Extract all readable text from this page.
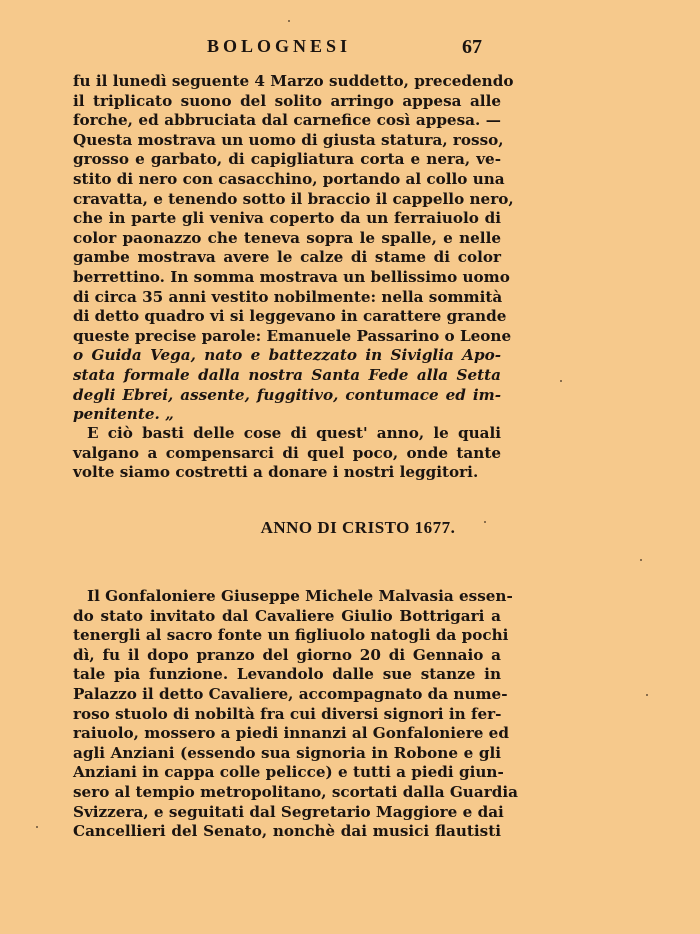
BOLOGNESI	67
fu il lunedì seguente 4 Marzo suddetto, precedendo
il triplicato suono del solito arringo appesa alle
forche, ed abbruciata dal carnefice così appesa. —
Questa mostrava un uomo di giusta statura, rosso,
grosso e garbato, di capigliatura corta e nera, ve-
stito di nero con casacchino, portando al collo una
cravatta, e tenendo sotto il braccio il cappello nero,
che in parte gli veniva coperto da un ferraiuolo di
color paonazzo che teneva sopra le spalle, e nelle
gambe mostrava avere le calze di stame di color
berrettino. In somma mostrava un bellissimo uomo
di circa 35 anni vestito nobilmente: nella sommità
di detto quadro vi si leggevano in carattere grande
queste precise parole: Emanuele Passarino o Leone
o Guida Vega, nato e battezzato in Siviglia Apo-
stata formale dalla nostra Santa Fede alla Setta
degli Ebrei, assente, fuggitivo, contumace ed im-
penitente. „
E ciò basti delle cose di quest' anno, le quali
valgano a compensarci di quel poco, onde tante
volte siamo costretti a donare i nostri leggitori.
ANNO DI CRISTO 1677.
Il Gonfaloniere Giuseppe Michele Malvasia essen-
do stato invitato dal Cavaliere Giulio Bottrigari a
tenergli al sacro fonte un figliuolo natogli da pochi
dì, fu il dopo pranzo del giorno 20 di Gennaio a
tale pia funzione. Levandolo dalle sue stanze in
Palazzo il detto Cavaliere, accompagnato da nume-
roso stuolo di nobiltà fra cui diversi signori in fer-
raiuolo, mossero a piedi innanzi al Gonfaloniere ed
agli Anziani (essendo sua signoria in Robone e gli
Anziani in cappa colle pelicce) e tutti a piedi giun-
sero al tempio metropolitano, scortati dalla Guardia
Svizzera, e seguitati dal Segretario Maggiore e dai
Cancellieri del Senato, nonchè dai musici flautisti
